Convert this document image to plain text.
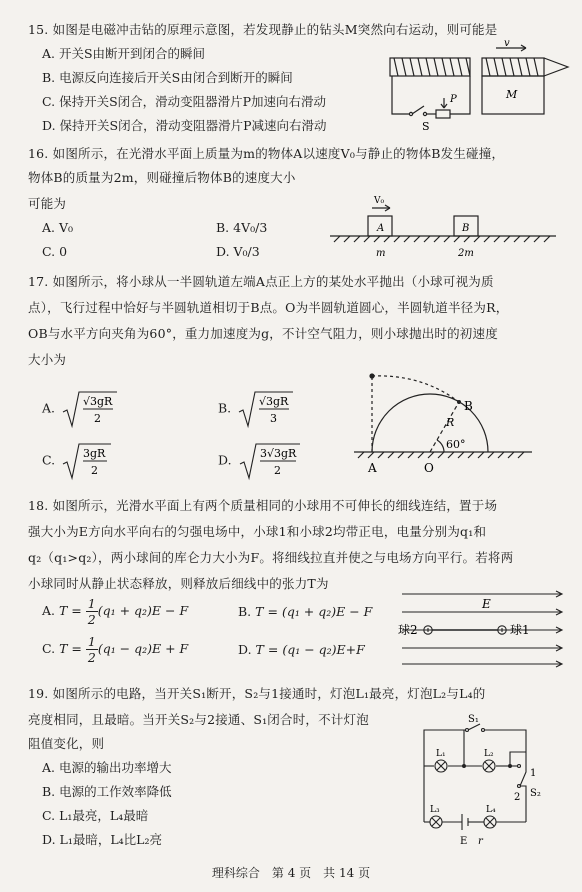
15. 如图是电磁冲击钻的原理示意图，若发现静止的钻头M突然向右运动，则可能是
A. 开关S由断开到闭合的瞬间
B. 电源反向连接后开关S由闭合到断开的瞬间
C. 保持开关S闭合，滑动变阻器滑片P加速向右滑动
D. 保持开关S闭合，滑动变阻器滑片P减速向右滑动
v
M
P
S
16. 如图所示，在光滑水平面上质量为m的物体A以速度V₀与静止的物体B发生碰撞，
物体B的质量为2m，则碰撞后物体B的速度大小
可能为
A. V₀	B. 4V₀/3
C. 0	D. V₀/3
V₀
A	B
m	2m
17. 如图所示，将小球从一半圆轨道左端A点正上方的某处水平抛出（小球可视为质
点），飞行过程中恰好与半圆轨道相切于B点。O为半圆轨道圆心，半圆轨道半径为R，
OB与水平方向夹角为60°，重力加速度为g，不计空气阻力，则小球抛出时的初速度
大小为
A.	√3gR
2
B.	√3gR
3
C.	3gR
2
D.	3√3gR
2
B
R
60°
A	O
18. 如图所示，光滑水平面上有两个质量相同的小球用不可伸长的细线连结，置于场
强大小为E方向水平向右的匀强电场中，小球1和小球2均带正电，电量分别为q₁和
q₂（q₁>q₂），两小球间的库仑力大小为F。将细线拉直并使之与电场方向平行。若将两
小球同时从静止状态释放，则释放后细线中的张力T为
A. $T = \frac{1}{2} (q_1 + q_2)E - F$	B. T = (q₁ + q₂)E − F
C. $T = \frac{1}{2} (q_1 - q_2)E + F$	D. T = (q₁ − q₂)E+F
E
球2	球1
19. 如图所示的电路，当开关S₁断开，S₂与1接通时，灯泡L₁最亮，灯泡L₂与L₄的
亮度相同，且最暗。当开关S₂与2接通、S₁闭合时，不计灯泡
阻值变化，则
A. 电源的输出功率增大
B. 电源的工作效率降低
C. L₁最亮，L₄最暗
D. L₁最暗，L₄比L₂亮
S₁
L₁	L₂
L₃	L₄
1
2 S₂
E r
理科综合　第 4 页　共 14 页
